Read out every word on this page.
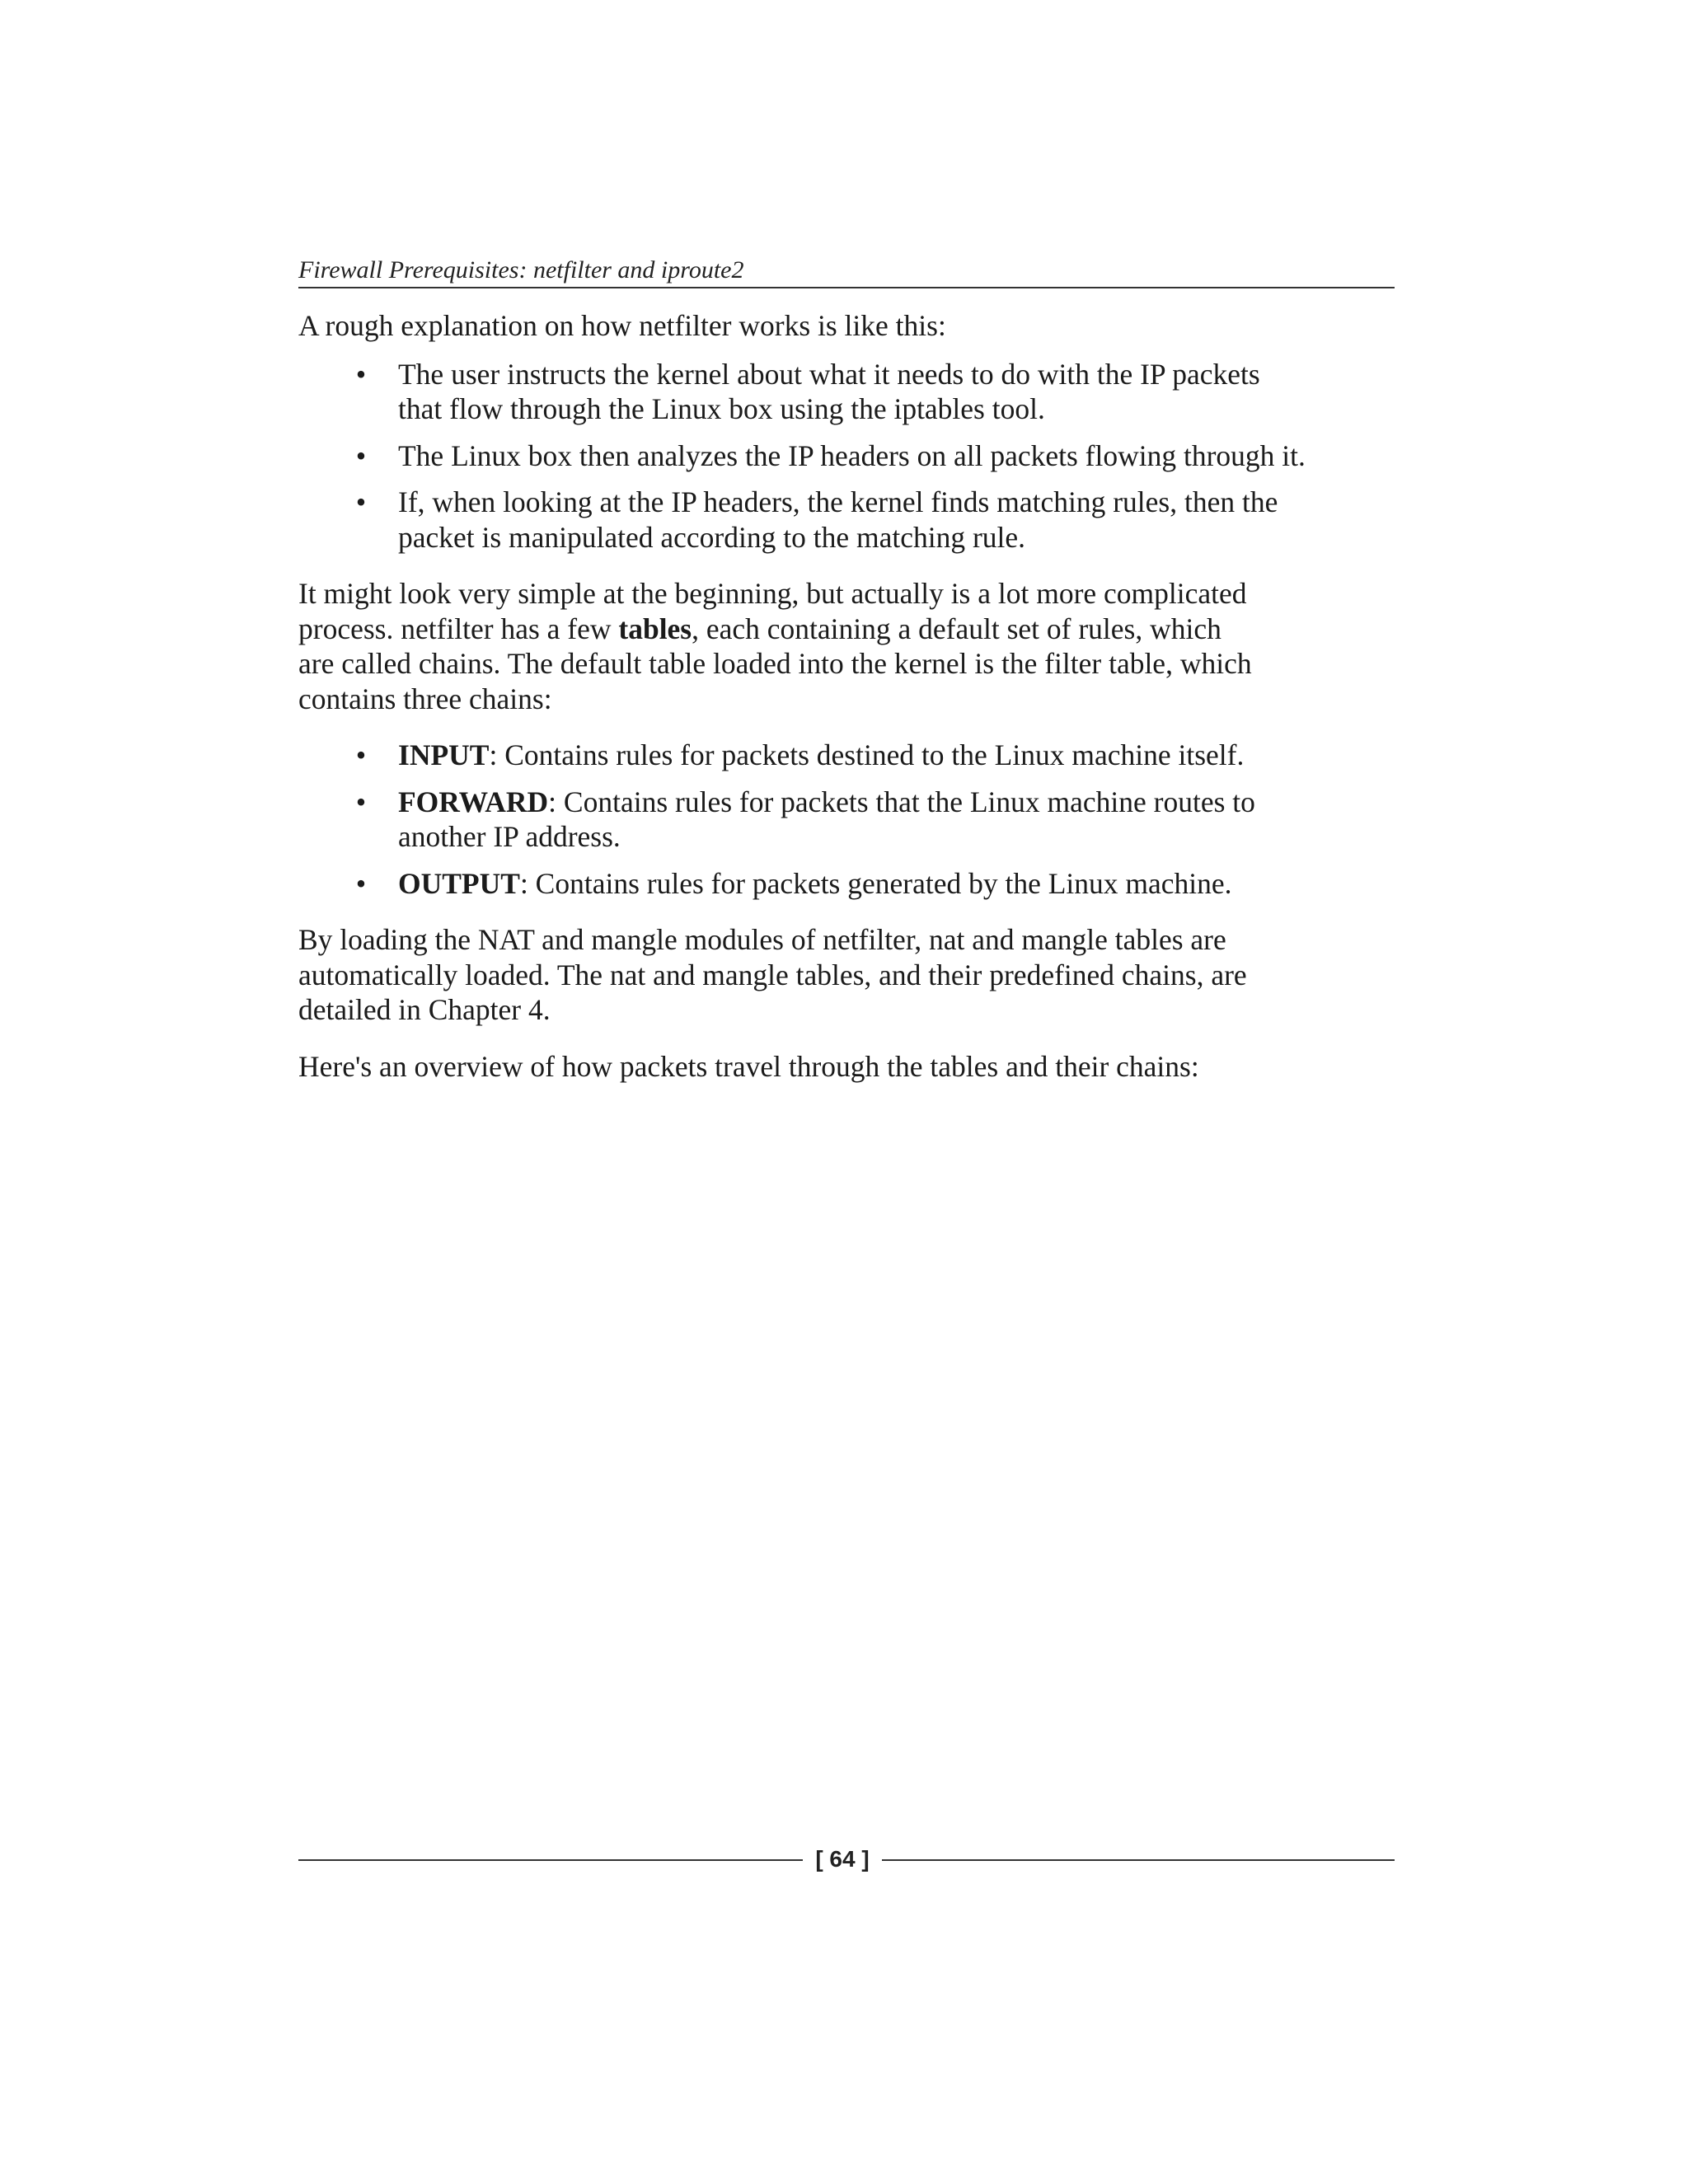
Firewall Prerequisites: netfilter and iproute2

A rough explanation on how netfilter works is like this:

• The user instructs the kernel about what it needs to do with the IP packets
that flow through the Linux box using the iptables tool.
• The Linux box then analyzes the IP headers on all packets flowing through it.
• If, when looking at the IP headers, the kernel finds matching rules, then the
packet is manipulated according to the matching rule.

It might look very simple at the beginning, but actually is a lot more complicated
process. netfilter has a few tables, each containing a default set of rules, which
are called chains. The default table loaded into the kernel is the filter table, which
contains three chains:

• INPUT: Contains rules for packets destined to the Linux machine itself.
• FORWARD: Contains rules for packets that the Linux machine routes to
another IP address.
• OUTPUT: Contains rules for packets generated by the Linux machine.

By loading the NAT and mangle modules of netfilter, nat and mangle tables are
automatically loaded. The nat and mangle tables, and their predefined chains, are
detailed in Chapter 4.

Here's an overview of how packets travel through the tables and their chains:

[ 64 ]
